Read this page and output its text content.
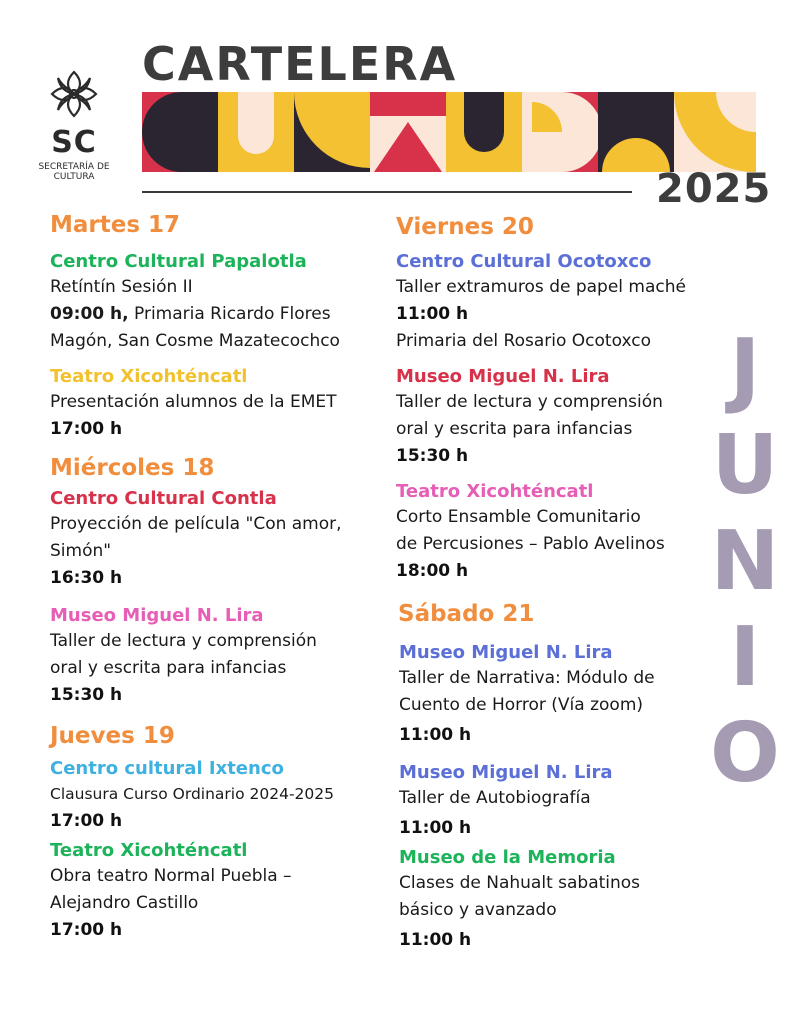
SC
SECRETARÍA DE CULTURA
CARTELERA
2025
J
U
N
I
O
Martes 17
Centro Cultural Papalotla
Retíntín Sesión II
09:00 h, Primaria Ricardo Flores
Magón, San Cosme Mazatecochco
Teatro Xicohténcatl
Presentación alumnos de la EMET
17:00 h
Miércoles 18
Centro Cultural Contla
Proyección de película "Con amor,
Simón"
16:30 h
Museo Miguel N. Lira
Taller de lectura y comprensión
oral y escrita para infancias
15:30 h
Jueves 19
Centro cultural Ixtenco
Clausura Curso Ordinario 2024-2025
17:00 h
Teatro Xicohténcatl
Obra teatro Normal Puebla –
Alejandro Castillo
17:00 h
Viernes 20
Centro Cultural Ocotoxco
Taller extramuros de papel maché
11:00 h
Primaria del Rosario Ocotoxco
Museo Miguel N. Lira
Taller de lectura y comprensión
oral y escrita para infancias
15:30 h
Teatro Xicohténcatl
Corto Ensamble Comunitario
de Percusiones – Pablo Avelinos
18:00 h
Sábado 21
Museo Miguel N. Lira
Taller de Narrativa: Módulo de
Cuento de Horror (Vía zoom)
11:00 h
Museo Miguel N. Lira
Taller de Autobiografía
11:00 h
Museo de la Memoria
Clases de Nahualt sabatinos
básico y avanzado
11:00 h
